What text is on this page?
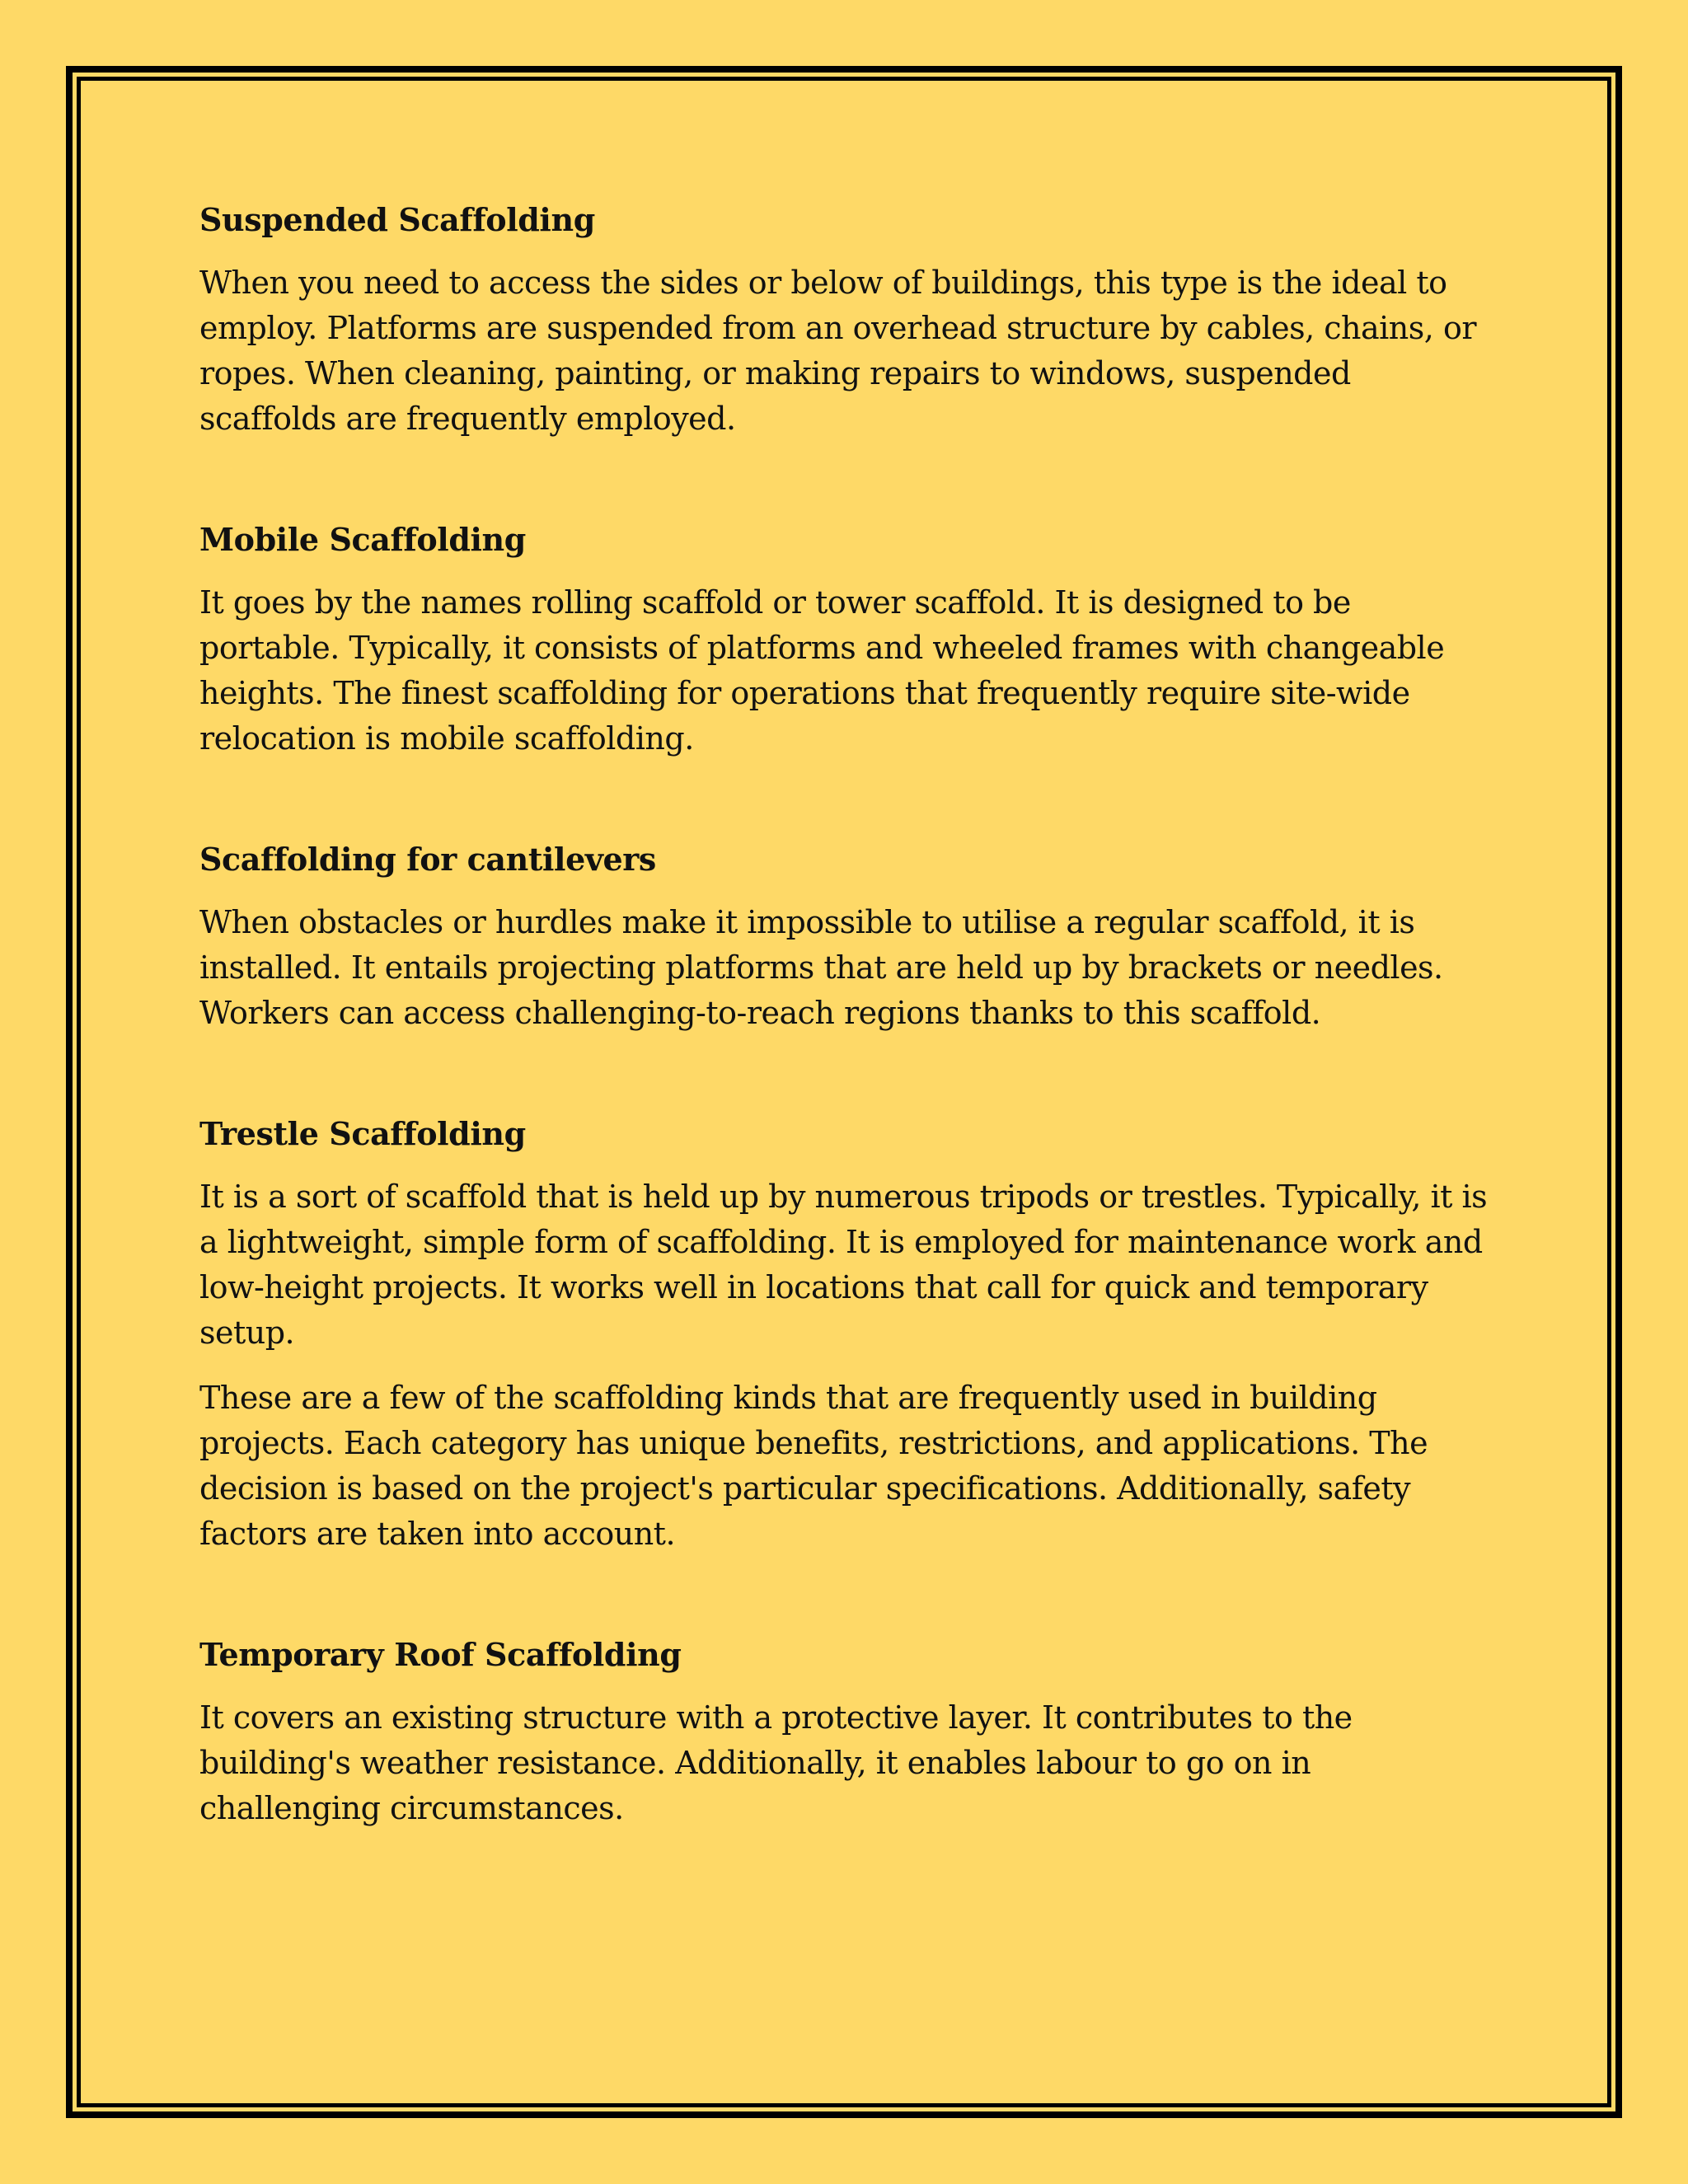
Suspended Scaffolding

When you need to access the sides or below of buildings, this type is the ideal to employ. Platforms are suspended from an overhead structure by cables, chains, or ropes. When cleaning, painting, or making repairs to windows, suspended scaffolds are frequently employed.

Mobile Scaffolding

It goes by the names rolling scaffold or tower scaffold. It is designed to be portable. Typically, it consists of platforms and wheeled frames with changeable heights. The finest scaffolding for operations that frequently require site-wide relocation is mobile scaffolding.

Scaffolding for cantilevers

When obstacles or hurdles make it impossible to utilise a regular scaffold, it is installed. It entails projecting platforms that are held up by brackets or needles. Workers can access challenging-to-reach regions thanks to this scaffold.

Trestle Scaffolding

It is a sort of scaffold that is held up by numerous tripods or trestles. Typically, it is a lightweight, simple form of scaffolding. It is employed for maintenance work and low-height projects. It works well in locations that call for quick and temporary setup.

These are a few of the scaffolding kinds that are frequently used in building projects. Each category has unique benefits, restrictions, and applications. The decision is based on the project's particular specifications. Additionally, safety factors are taken into account.

Temporary Roof Scaffolding

It covers an existing structure with a protective layer. It contributes to the building's weather resistance. Additionally, it enables labour to go on in challenging circumstances.
